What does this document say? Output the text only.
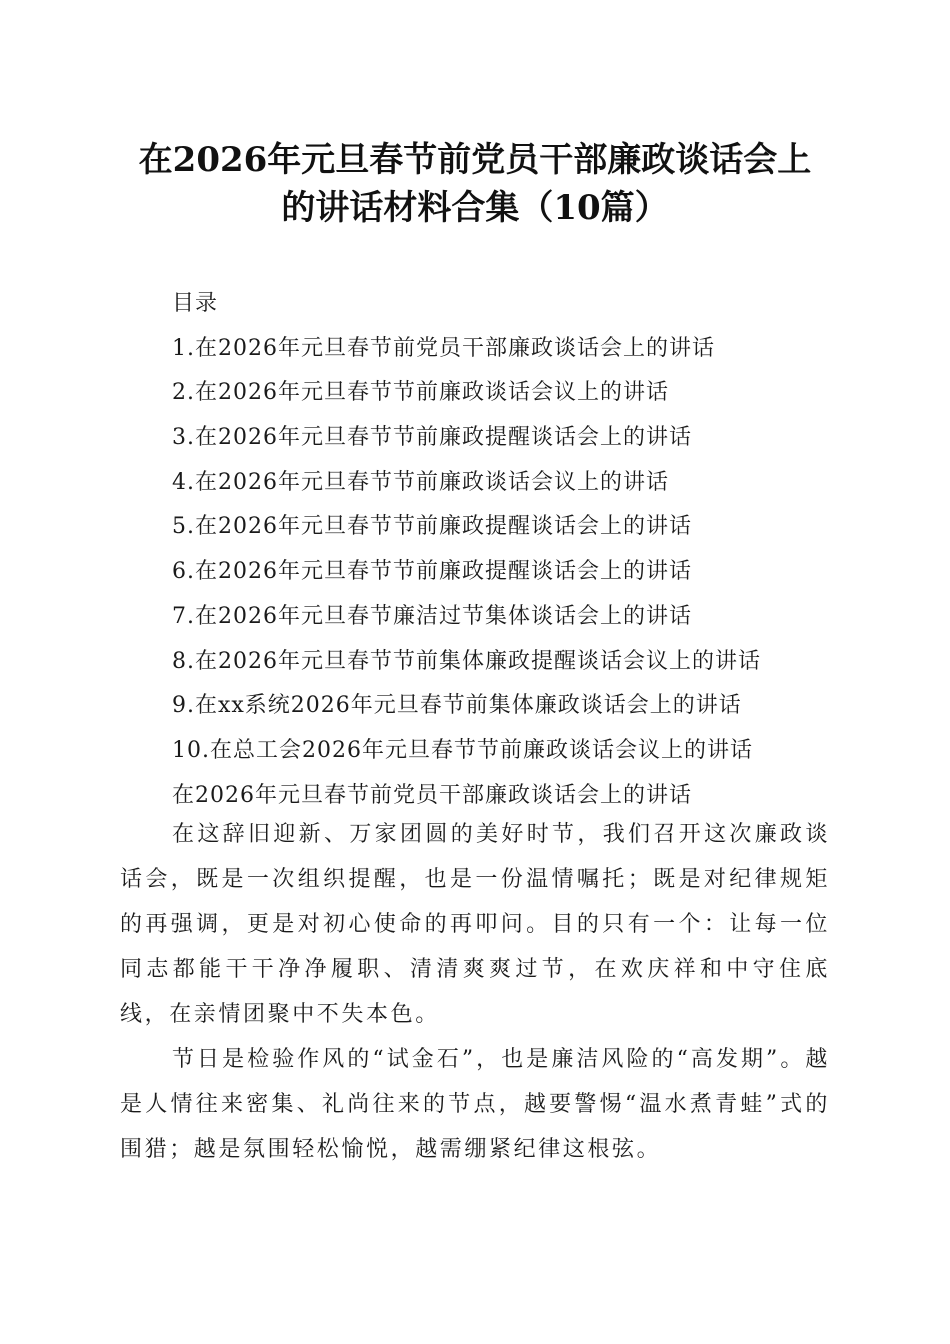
在2026年元旦春节前党员干部廉政谈话会上
的讲话材料合集（10篇）
目录
1.在2026年元旦春节前党员干部廉政谈话会上的讲话
2.在2026年元旦春节节前廉政谈话会议上的讲话
3.在2026年元旦春节节前廉政提醒谈话会上的讲话
4.在2026年元旦春节节前廉政谈话会议上的讲话
5.在2026年元旦春节节前廉政提醒谈话会上的讲话
6.在2026年元旦春节节前廉政提醒谈话会上的讲话
7.在2026年元旦春节廉洁过节集体谈话会上的讲话
8.在2026年元旦春节节前集体廉政提醒谈话会议上的讲话
9.在xx系统2026年元旦春节前集体廉政谈话会上的讲话
10.在总工会2026年元旦春节节前廉政谈话会议上的讲话
在2026年元旦春节前党员干部廉政谈话会上的讲话

在这辞旧迎新、万家团圆的美好时节，我们召开这次廉政谈话会，既是一次组织提醒，也是一份温情嘱托；既是对纪律规矩的再强调，更是对初心使命的再叩问。目的只有一个：让每一位同志都能干干净净履职、清清爽爽过节，在欢庆祥和中守住底线，在亲情团聚中不失本色。

节日是检验作风的“试金石”，也是廉洁风险的“高发期”。越是人情往来密集、礼尚往来的节点，越要警惕“温水煮青蛙”式的围猎；越是氛围轻松愉悦，越需绷紧纪律这根弦。
